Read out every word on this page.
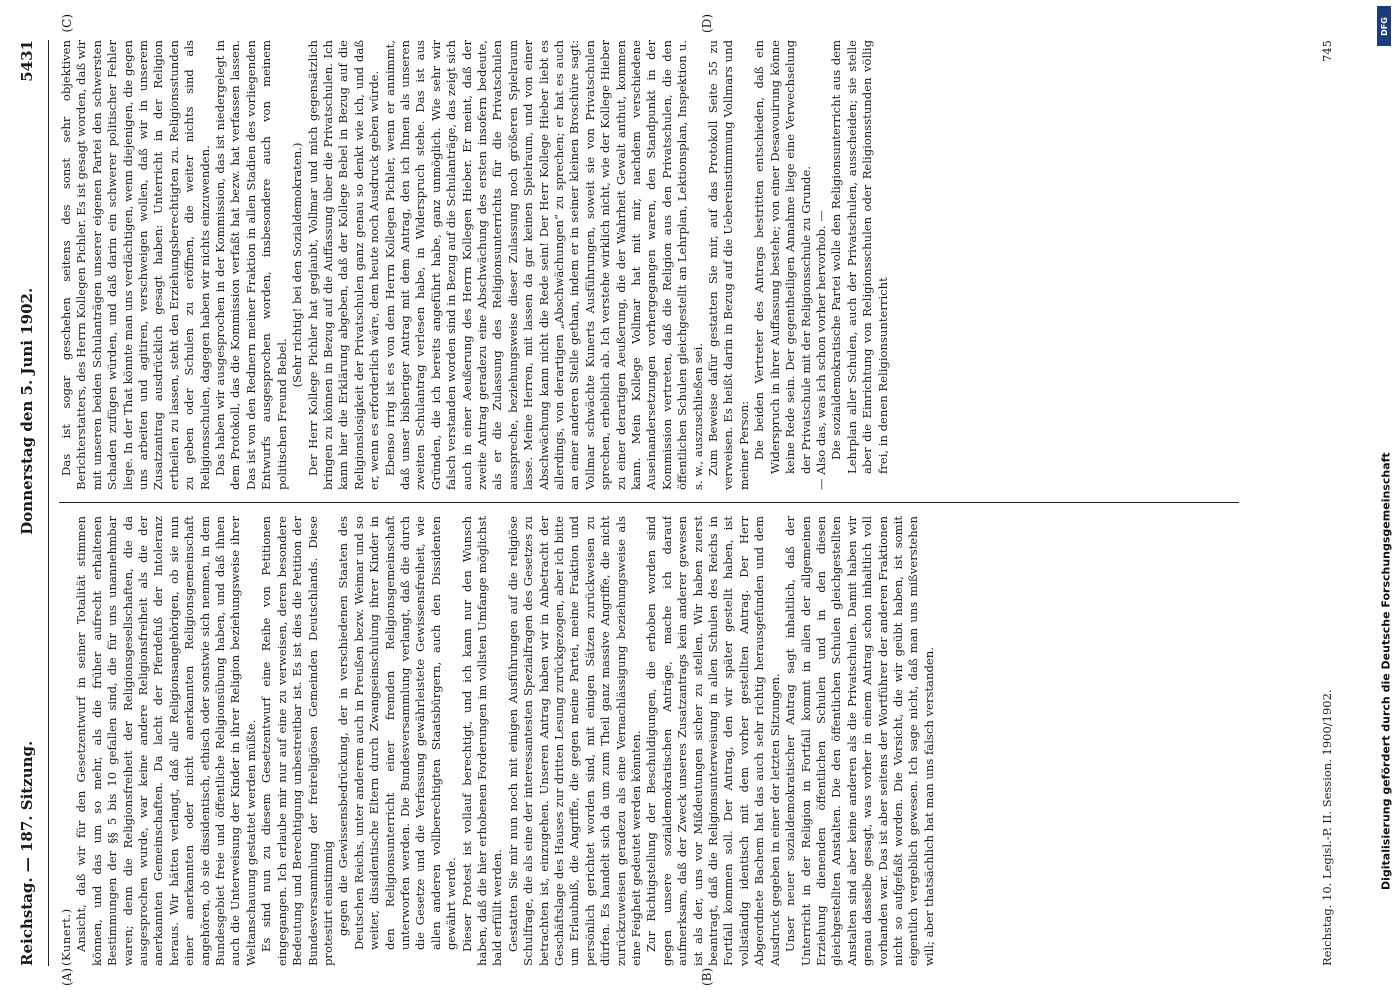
Reichstag. — 187. Sitzung.
Donnerstag den 5. Juni 1902.
5431

(Kunert.) Ansicht, daß wir für den Gesetzentwurf in seiner Totalität stimmen können, und das um so mehr, als die früher aufrecht erhaltenen Bestimmungen der §§ 5 bis 10 gefallen sind, die für uns unannehmbar waren; denn die Religionsfreiheit der Religionsgesellschaften, die da ausgesprochen wurde, war keine andere Religionsfreiheit als die der anerkannten Gemeinschaften. Da lacht der Pferdefuß der Intoleranz heraus. Wir hätten verlangt, daß alle Religionsangehörigen, ob sie nun einer anerkannten oder nicht anerkannten Religionsgemeinschaft angehören, ob sie dissidentisch, ethisch oder sonstwie sich nennen, in dem Bundesgebiet freie und öffentliche Religionsübung haben, und daß ihnen auch die Unterweisung der Kinder in ihrer Religion beziehungsweise ihrer Weltanschauung gestattet werden müßte. Es sind nun zu diesem Gesetzentwurf eine Reihe von Petitionen eingegangen. Ich erlaube mir nur auf eine zu verweisen, deren besondere Bedeutung und Berechtigung unbestreitbar ist. Es ist dies die Petition der Bundesversammlung der freireligiösen Gemeinden Deutschlands. Diese protestirt einstimmig gegen die Gewissensbedrückung, der in verschiedenen Staaten des Deutschen Reichs, unter anderem auch in Preußen bezw. Weimar und so weiter, dissidentische Eltern durch Zwangseinschulung ihrer Kinder in den Religionsunterricht einer fremden Religionsgemeinschaft unterworfen werden. Die Bundesversammlung verlangt, daß die durch die Gesetze und die Verfassung gewährleistete Gewissensfreiheit, wie allen anderen vollberechtigten Staatsbürgern, auch den Dissidenten gewährt werde. Dieser Protest ist vollauf berechtigt, und ich kann nur den Wunsch haben, daß die hier erhobenen Forderungen im vollsten Umfange möglichst bald erfüllt werden. Gestatten Sie mir nun noch mit einigen Ausführungen auf die religiöse Schulfrage, die als eine der interessantesten Spezialfragen des Gesetzes zu betrachten ist, einzugehen. Unseren Antrag haben wir in Anbetracht der Geschäftslage des Hauses zur dritten Lesung zurückgezogen, aber ich bitte um Erlaubniß, die Angriffe, die gegen meine Partei, meine Fraktion und persönlich gerichtet worden sind, mit einigen Sätzen zurückweisen zu dürfen. Es handelt sich da um zum Theil ganz massive Angriffe, die nicht zurückzuweisen geradezu als eine Vernachlässigung beziehungsweise als eine Feigheit gedeutet werden könnten. Zur Richtigstellung der Beschuldigungen, die erhoben worden sind gegen unsere sozialdemokratischen Anträge, mache ich darauf aufmerksam, daß der Zweck unseres Zusatzantrags kein anderer gewesen ist als der, uns vor Mißdeutungen sicher zu stellen. Wir haben zuerst beantragt, daß die Religionsunterweisung in allen Schulen des Reichs in Fortfall kommen soll. Der Antrag, den wir später gestellt haben, ist vollständig identisch mit dem vorher gestellten Antrag. Der Herr Abgeordnete Bachem hat das auch sehr richtig herausgefunden und dem Ausdruck gegeben in einer der letzten Sitzungen. Unser neuer sozialdemokratischer Antrag sagt inhaltlich, daß der Unterricht in der Religion in Fortfall kommt in allen der allgemeinen Erziehung dienenden öffentlichen Schulen und in den diesen gleichgestellten Anstalten. Die den öffentlichen Schulen gleichgestellten Anstalten sind aber keine anderen als die Privatschulen. Damit haben wir genau dasselbe gesagt, was vorher in einem Antrag schon inhaltlich voll vorhanden war. Das ist aber seitens der Wortführer der anderen Fraktionen nicht so aufgefaßt worden. Die Vorsicht, die wir geübt haben, ist somit eigentlich vergeblich gewesen. Ich sage nicht, daß man uns mißverstehen will; aber thatsächlich hat man uns falsch verstanden.

Das ist sogar geschehen seitens des sonst sehr objektiven Berichterstatters, des Herrn Kollegen Pichler. Es ist gesagt worden, daß wir mit unseren beiden Schulanträgen unserer eigenen Partei den schwersten Schaden zufügen würden, und daß darin ein schwerer politischer Fehler liege. In der That könnte man uns verdächtigen, wenn diejenigen, die gegen uns arbeiten und agitiren, verschweigen wollen, daß wir in unserem Zusatzantrag ausdrücklich gesagt haben: Unterricht in der Religion ertheilen zu lassen, steht den Erziehungsberechtigten zu. Religionsstunden zu geben oder Schulen zu eröffnen, die weiter nichts sind als Religionsschulen, dagegen haben wir nichts einzuwenden. Das haben wir ausgesprochen in der Kommission, das ist niedergelegt in dem Protokoll, das die Kommission verfaßt hat bezw. hat verfassen lassen. Das ist von den Rednern meiner Fraktion in allen Stadien des vorliegenden Entwurfs ausgesprochen worden, insbesondere auch von meinem politischen Freund Bebel.

(Sehr richtig! bei den Sozialdemokraten.) Der Herr Kollege Pichler hat geglaubt, Vollmar und mich gegensätzlich bringen zu können in Bezug auf die Auffassung über die Privatschulen. Ich kann hier die Erklärung abgeben, daß der Kollege Bebel in Bezug auf die Religionslosigkeit der Privatschulen ganz genau so denkt wie ich, und daß er, wenn es erforderlich wäre, dem heute noch Ausdruck geben würde. Ebenso irrig ist es von dem Herrn Kollegen Pichler, wenn er annimmt, daß unser bisheriger Antrag mit dem Antrag, den ich Ihnen als unseren zweiten Schulantrag verlesen habe, in Widerspruch stehe. Das ist aus Gründen, die ich bereits angeführt habe, ganz unmöglich. Wie sehr wir falsch verstanden worden sind in Bezug auf die Schulanträge, das zeigt sich auch in einer Aeußerung des Herrn Kollegen Hieber. Er meint, daß der zweite Antrag geradezu eine Abschwächung des ersten insofern bedeute, als er die Zulassung des Religionsunterrichts für die Privatschulen ausspreche, beziehungsweise dieser Zulassung noch größeren Spielraum lasse. Meine Herren, mit lassen da gar keinen Spielraum, und von einer Abschwächung kann nicht die Rede sein! Der Herr Kollege Hieber liebt es allerdings, von derartigen „Abschwächungen“ zu sprechen; er hat es auch an einer anderen Stelle gethan, indem er in seiner kleinen Broschüre sagt: Vollmar schwächte Kunerts Ausführungen, soweit sie von Privatschulen sprechen, erheblich ab. Ich verstehe wirklich nicht, wie der Kollege Hieber zu einer derartigen Aeußerung, die der Wahrheit Gewalt anthut, kommen kann. Mein Kollege Vollmar hat mit mir, nachdem verschiedene Auseinandersetzungen vorhergegangen waren, den Standpunkt in der Kommission vertreten, daß die Religion aus den Privatschulen, die den öffentlichen Schulen gleichgestellt an Lehrplan, Lektionsplan, Inspektion u. s. w., auszuschließen sei. Zum Beweise dafür gestatten Sie mir, auf das Protokoll Seite 55 zu verweisen. Es heißt darin in Bezug auf die Uebereinstimmung Vollmars und meiner Person: Die beiden Vertreter des Antrags bestritten entschieden, daß ein Widerspruch in ihrer Auffassung bestehe; von einer Desavouirung könne keine Rede sein. Der gegentheiligen Annahme liege eine Verwechselung der Privatschule mit der Religionsschule zu Grunde. — Also das, was ich schon vorher hervorhob. — Die sozialdemokratische Partei wolle den Religionsunterricht aus dem Lehrplan aller Schulen, auch der Privatschulen, ausscheiden; sie stelle aber die Einrichtung von Religionsschulen oder Religionsstunden völlig frei, in denen Religionsunterricht

(A)	(B)
(C)	(D)
Reichstag. 10. Legisl.-P. II. Session. 1900/1902.
745
DFG
Digitalisierung gefördert durch die Deutsche Forschungsgemeinschaft
